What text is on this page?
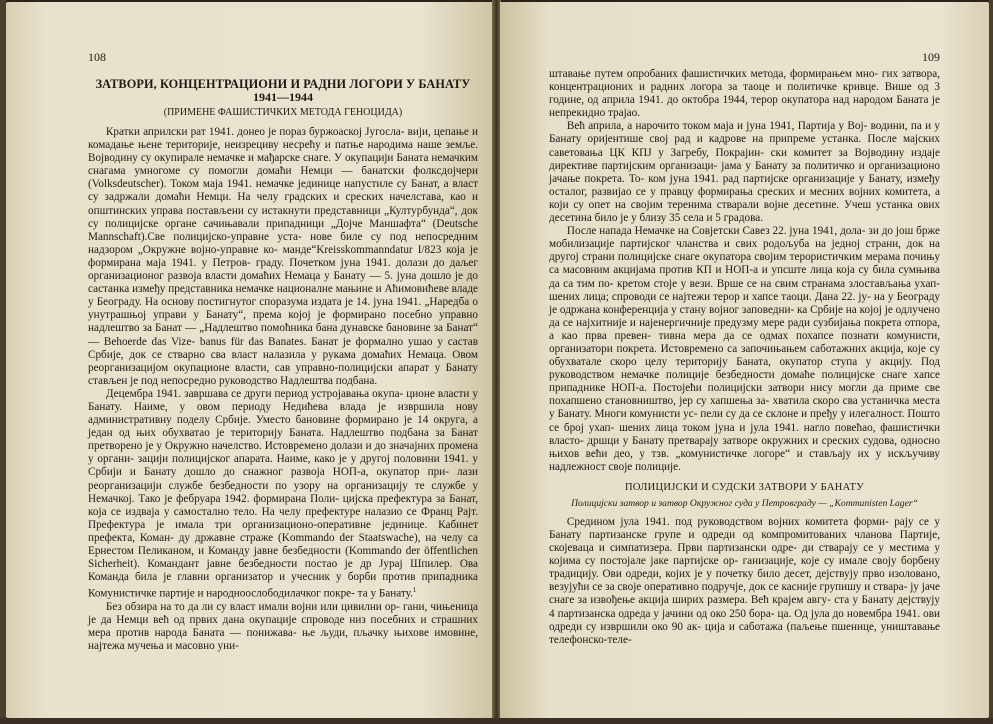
108
ЗАТВОРИ, КОНЦЕНТРАЦИОНИ И РАДНИ ЛОГОРИ У БАНАТУ
1941—1944
(ПРИМЕНЕ ФАШИСТИЧКИХ МЕТОДА ГЕНОЦИДА)

Кратки априлски рат 1941. донео је пораз буржоаској Југосла- вији, цепање и комадање њене територије, неизрециву несрећу и патње народима наше земље. Војводину су окупирале немачке и мађарске снаге. У окупацији Баната немачким снагама умногоме су помогли домаћи Немци — банатски фолксдојчери (Volksdeutscher). Током маја 1941. немачке јединице напустиле су Банат, а власт су задржали домаћи Немци. На челу градских и среских начелстава, као и општинских управа постављени су истакнути представници „Културбунда“, док су полицијске органе сачињавали припадници „Дојче Маншафта“ (Deutsche Mannschaft).Све полицијско-управне уста- нове биле су под непосредним надзором „Окружне војно-управне ко- манде“Kreisskommanndatur I/823 која је формирана маја 1941. у Петров- граду. Почетком јуна 1941. долази до даљег организационог развоја власти домаћих Немаца у Банату — 5. јуна дошло је до састанка између представника немачке националне мањине и Аћимовићеве владе у Београду. На основу постигнутог споразума издата је 14. јуна 1941. „Наредба о унутрашњој управи у Банату“, према којој је формирано посебно управно надлештво за Банат — „Надлештво помоћника бана дунавске бановине за Банат“ — Behoerde das Vize- banus für das Banates. Банат је формално ушао у састав Србије, док се стварно сва власт налазила у рукама домаћих Немаца. Овом реорганизацијом окупационе власти, сав управно-полицијски апарат у Банату стављен је под непосредно руководство Надлештва подбана.

Децембра 1941. завршава се други период устројавања окупа- ционе власти у Банату. Наиме, у овом периоду Недићева влада је извршила нову административну поделу Србије. Уместо бановине формирано је 14 округа, а један од њих обухватао је територију Баната. Надлештво подбана за Банат претворено је у Окружно начелство. Истовремено долази и до значајних промена у органи- зацији полицијског апарата. Наиме, како је у другој половини 1941. у Србији и Банату дошло до снажног развоја НОП-а, окупатор при- лази реорганизацији службе безбедности по узору на организацију те службе у Немачкој. Тако је фебруара 1942. формирана Поли- цијска префектура за Банат, која се издваја у самостално тело. На челу префектуре налазио се Франц Рајт. Префектура је имала три организационо-оперативне јединице. Кабинет префекта, Коман- ду државне страже (Kommando der Staatswache), на челу са Ернестом Пеликаном, и Команду јавне безбедности (Kommando der öffentlichen Sicherheit). Командант јавне безбедности постао је др Јурај Шпилер. Ова Команда била је главни организатор и учесник у борби против припадника Комунистичке партије и народноослободилачког покре- та у Банату.$^1$

Без обзира на то да ли су власт имали војни или цивилни ор- гани, чињеница је да Немци већ од првих дана окупације спроводе низ посебних и страшних мера против народа Баната — понижава- ње људи, пљачку њихове имовине, најтежа мучења и масовно уни-

109

штавање путем опробаних фашистичких метода, формирањем мно- гих затвора, концентрационих и радних логора за таоце и политичке кривце. Више од 3 године, од априла 1941. до октобра 1944, терор окупатора над народом Баната је непрекидно трајао.

Већ априла, а нарочито током маја и јуна 1941, Партија у Вој- водини, па и у Банату оријентише свој рад и кадрове на припреме устанка. После мајских саветовања ЦК КПЈ у Загребу, Покрајин- ски комитет за Војводину издаје директиве партијским организаци- јама у Банату за политичко и организационо јачање покрета. То- ком јуна 1941. рад партијске организације у Банату, између осталог, развијао се у правцу формирања среских и месних војних комитета, а који су опет на своjим теренима стварали војне десетине. Учеш устанка ових десетина било је у близу 35 села и 5 градова.

После напада Немачке на Совјетски Савез 22. јуна 1941, дола- зи до још брже мобилизације партијског чланства и свих родољуба на једној страни, док на другој страни полицијске снаге окупатора својим терористичким мерама почињу са масовним акцијама против КП и НОП-а и упсште лица која су била сумњива да са тим по- кретом стоје у вези. Врше се на свим странама злостављања ухап- шених лица; спроводи се најтежи терор и хапсе таоци. Дана 22. ју- на у Београду је одржана конференција у стану војног заповедни- ка Србије на којој је одлучено да се најхитније и најенергичније предузму мере ради сузбијања покрета отпора, а као прва превен- тивна мера да се одмах похапсе познати комунисти, организатори покрета. Истовремено са започињањем саботажних акција, које су обухватале скоро целу територију Баната, окупатор ступа у акцију. Под руководством немачке полиције безбедности домаће полицијске снаге хапсе припаднике НОП-а. Постојећи полицијски затвори нису могли да приме све похапшено становништво, јер су хапшења за- хватила скоро сва устаничка места у Банату. Многи комунисти ус- пели су да се склоне и пређу у илегалност. Пошто се број ухап- шених лица током јуна и јула 1941. нагло повећао, фашистички власто- дршци у Банату претварају затворе окружних и среских судова, односно њихов већи део, у тзв. „комунистичке логоре“ и стављају их у искључиву надлежност своје полиције.

ПОЛИЦИЈСКИ И СУДСКИ ЗАТВОРИ У БАНАТУ
Полицијски затвор и затвор Окружног суда у Петровграду — „Kommunisten Lager“

Средином јула 1941. под руководством војних комитета форми- рају се у Банату партизанске групе и одреди од компромитованих чланова Партије, скојевaца и симпатизера. Први партизански одре- ди стварају се у местима у којима су постојале јаке партијске ор- ганизације, које су имале своју борбену традицију. Ови одреди, којих је у почетку било десет, дејствују прво изоловано, везујући се за своје оперативно подручје, док се касније групишу и ствара- ју јаче снаге за извођење акција ширих размера. Већ крајем авгу- ста у Банату дејствују 4 партизанска одреда у јачини од око 250 бора- ца. Од јула до новембра 1941. ови одреди су извршили око 90 ак- ција и саботажа (паљење пшенице, уништавање телефонско-теле-
